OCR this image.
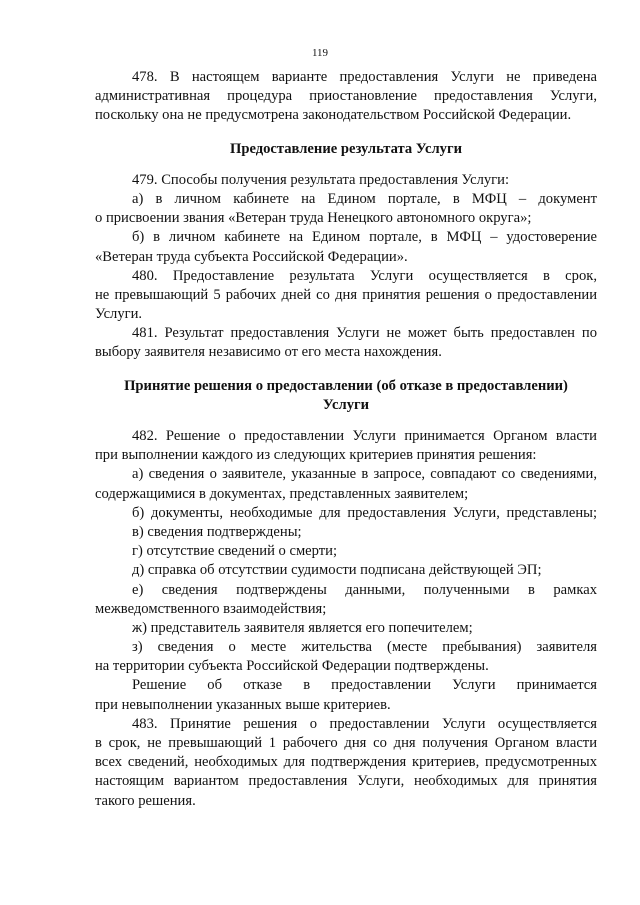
119
478. В настоящем варианте предоставления Услуги не приведена
административная процедура приостановление предоставления Услуги,
поскольку она не предусмотрена законодательством Российской Федерации.
Предоставление результата Услуги
479. Способы получения результата предоставления Услуги:
а) в личном кабинете на Едином портале, в МФЦ – документ
о присвоении звания «Ветеран труда Ненецкого автономного округа»;
б) в личном кабинете на Едином портале, в МФЦ – удостоверение
«Ветеран труда субъекта Российской Федерации».
480. Предоставление результата Услуги осуществляется в срок,
не превышающий 5 рабочих дней со дня принятия решения о предоставлении
Услуги.
481. Результат предоставления Услуги не может быть предоставлен по
выбору заявителя независимо от его места нахождения.
Принятие решения о предоставлении (об отказе в предоставлении)
Услуги
482. Решение о предоставлении Услуги принимается Органом власти
при выполнении каждого из следующих критериев принятия решения:
а) сведения о заявителе, указанные в запросе, совпадают со сведениями,
содержащимися в документах, представленных заявителем;
б) документы, необходимые для предоставления Услуги, представлены;
в) сведения подтверждены;
г) отсутствие сведений о смерти;
д) справка об отсутствии судимости подписана действующей ЭП;
е) сведения подтверждены данными, полученными в рамках
межведомственного взаимодействия;
ж) представитель заявителя является его попечителем;
з) сведения о месте жительства (месте пребывания) заявителя
на территории субъекта Российской Федерации подтверждены.
Решение об отказе в предоставлении Услуги принимается
при невыполнении указанных выше критериев.
483. Принятие решения о предоставлении Услуги осуществляется
в срок, не превышающий 1 рабочего дня со дня получения Органом власти
всех сведений, необходимых для подтверждения критериев, предусмотренных
настоящим вариантом предоставления Услуги, необходимых для принятия
такого решения.
